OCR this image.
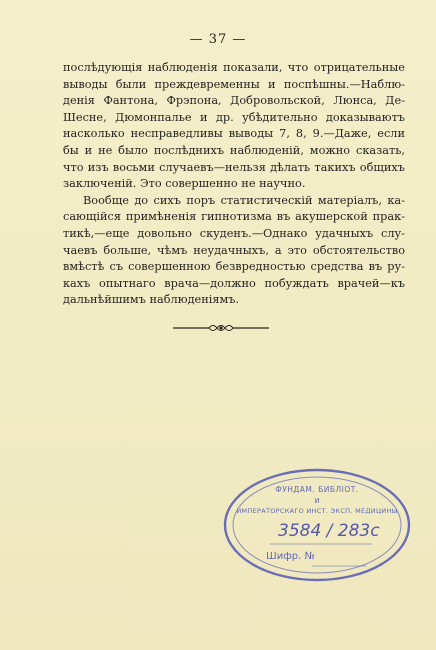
— 37 —
послѣдующія наблюденія показали, что отрицательные
выводы были преждевременны и поспѣшны.—Наблю-
денія Фантона, Фрэпона, Добровольской, Люнса, Де-
Шесне, Дюмонпалье и др. убѣдительно доказываютъ
насколько несправедливы выводы 7, 8, 9.—Даже, если
бы и не было послѣднихъ наблюденій, можно сказать,
что изъ восьми случаевъ—нельзя дѣлать такихъ общихъ
заключеній. Это совершенно не научно.
Вообще до сихъ поръ статистическій матеріалъ, ка-
сающійся примѣненія гипнотизма въ акушерской прак-
тикѣ,—еще довольно скуденъ.—Однако удачныхъ слу-
чаевъ больше, чѣмъ неудачныхъ, а это обстоятельство
вмѣстѣ съ совершенною безвредностью средства въ ру-
кахъ опытнаго врача—должно побуждать врачей—къ
дальнѣйшимъ наблюденіямъ.
ФУНДАМ. БИБЛІОТ.
И
ИМПЕРАТОРСКАГО ИНСТ. ЭКСП. МЕДИЦИНЫ
3584 / 283с
Шифр. №
